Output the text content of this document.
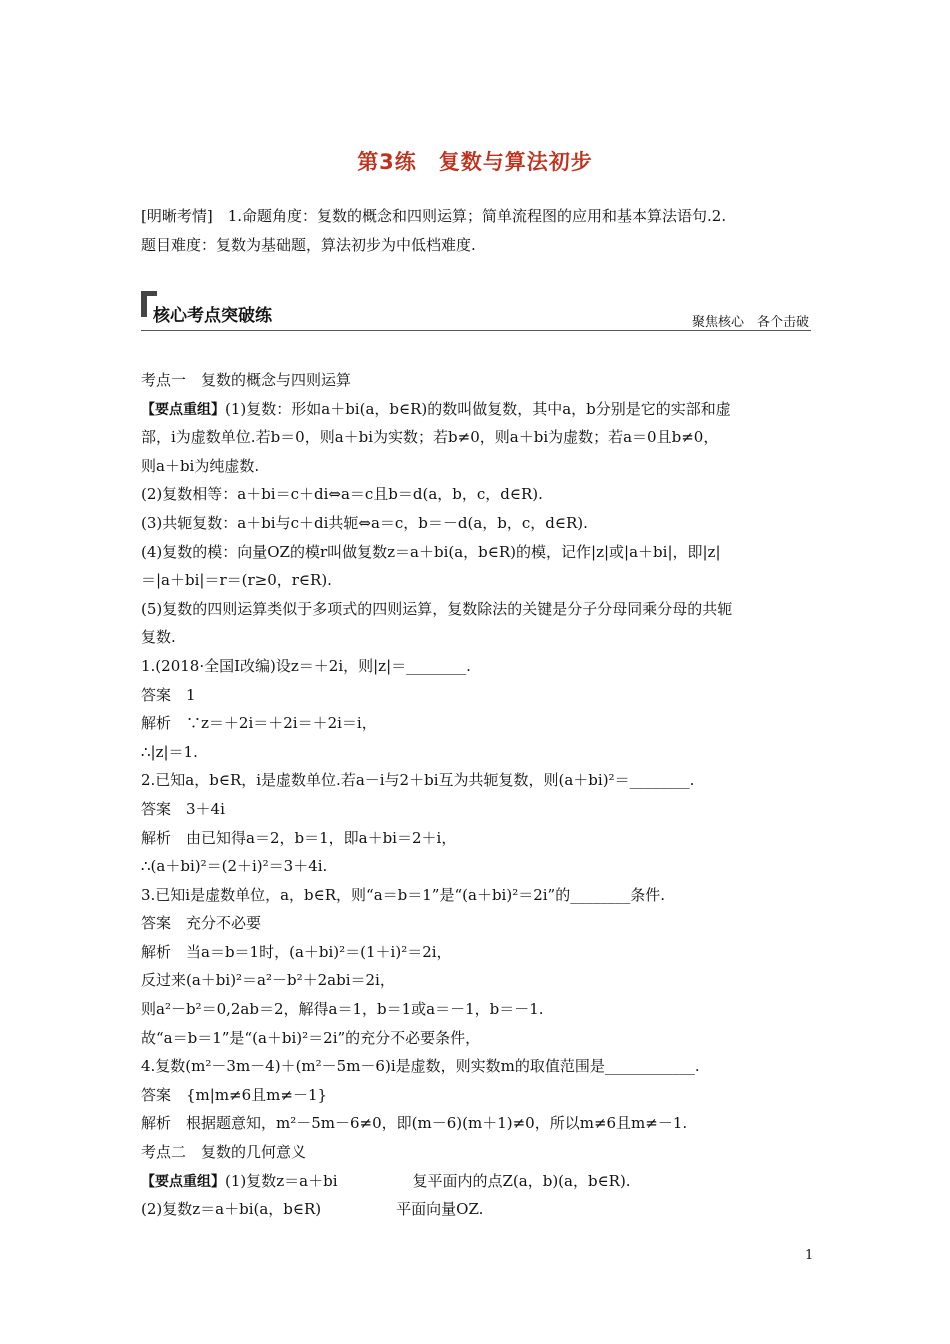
第3练　复数与算法初步
[明晰考情]　1.命题角度：复数的概念和四则运算；简单流程图的应用和基本算法语句.2.
题目难度：复数为基础题，算法初步为中低档难度.
核心考点突破练	聚焦核心　各个击破
考点一　复数的概念与四则运算
【要点重组】(1)复数：形如a＋bi(a，b∈R)的数叫做复数，其中a，b分别是它的实部和虚
部，i为虚数单位.若b＝0，则a＋bi为实数；若b≠0，则a＋bi为虚数；若a＝0且b≠0，
则a＋bi为纯虚数.
(2)复数相等：a＋bi＝c＋di⇔a＝c且b＝d(a，b，c，d∈R).
(3)共轭复数：a＋bi与c＋di共轭⇔a＝c，b＝－d(a，b，c，d∈R).
(4)复数的模：向量OZ的模r叫做复数z＝a＋bi(a，b∈R)的模，记作|z|或|a＋bi|，即|z|
＝|a＋bi|＝r＝(r≥0，r∈R).
(5)复数的四则运算类似于多项式的四则运算，复数除法的关键是分子分母同乘分母的共轭
复数.
1.(2018·全国Ⅰ改编)设z＝＋2i，则|z|＝________.
答案　1
解析　∵z＝＋2i＝＋2i＝＋2i＝i，
∴|z|＝1.
2.已知a，b∈R，i是虚数单位.若a－i与2＋bi互为共轭复数，则(a＋bi)²＝________.
答案　3＋4i
解析　由已知得a＝2，b＝1，即a＋bi＝2＋i，
∴(a＋bi)²＝(2＋i)²＝3＋4i.
3.已知i是虚数单位，a，b∈R，则“a＝b＝1”是“(a＋bi)²＝2i”的________条件.
答案　充分不必要
解析　当a＝b＝1时，(a＋bi)²＝(1＋i)²＝2i，
反过来(a＋bi)²＝a²－b²＋2abi＝2i，
则a²－b²＝0,2ab＝2，解得a＝1，b＝1或a＝－1，b＝－1.
故“a＝b＝1”是“(a＋bi)²＝2i”的充分不必要条件，
4.复数(m²－3m－4)＋(m²－5m－6)i是虚数，则实数m的取值范围是____________.
答案　{m|m≠6且m≠－1}
解析　根据题意知，m²－5m－6≠0，即(m－6)(m＋1)≠0，所以m≠6且m≠－1.
考点二　复数的几何意义
【要点重组】(1)复数z＝a＋bi　　　　　复平面内的点Z(a，b)(a，b∈R).
(2)复数z＝a＋bi(a，b∈R)　　　　　平面向量OZ.
1
